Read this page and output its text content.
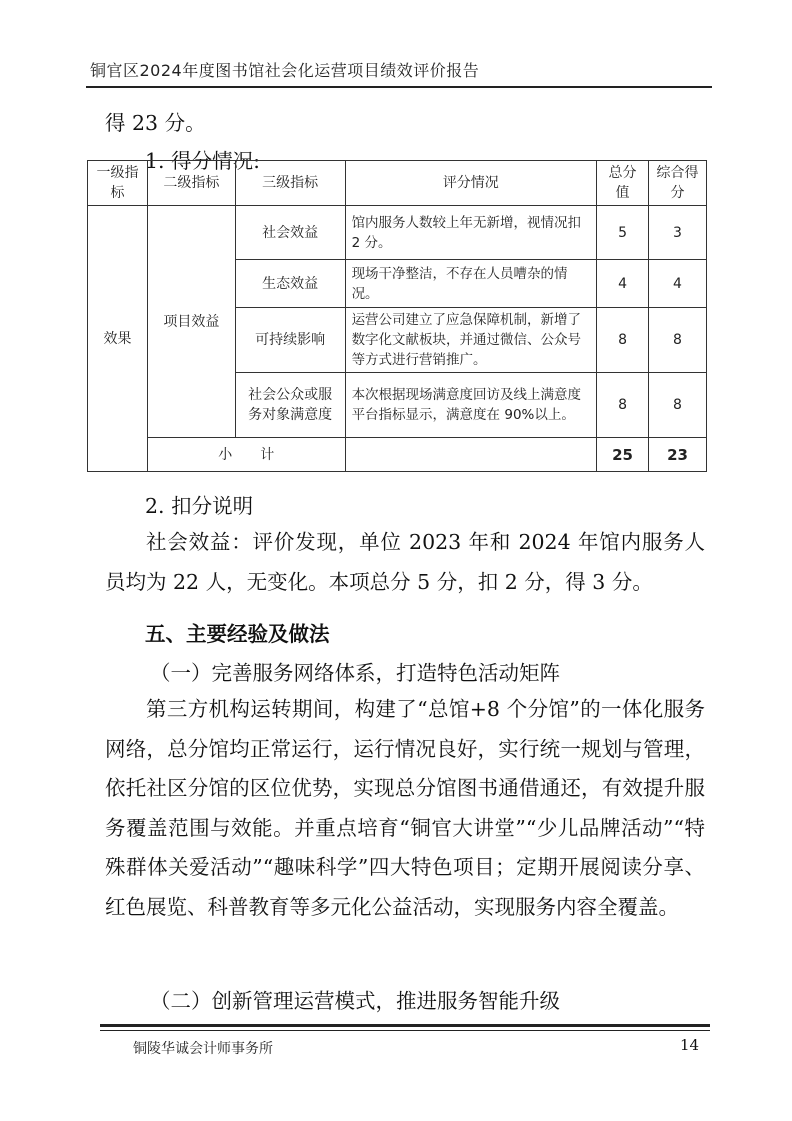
铜官区2024年度图书馆社会化运营项目绩效评价报告
得 23 分。
1. 得分情况:
一级指标	二级指标	三级指标	评分情况	总分值	综合得分
效果	项目效益	社会效益	馆内服务人数较上年无新增，视情况扣 2 分。	5	3
		生态效益	现场干净整洁，不存在人员嘈杂的情况。	4	4
		可持续影响	运营公司建立了应急保障机制，新增了数字化文献板块，并通过微信、公众号等方式进行营销推广。	8	8
		社会公众或服务对象满意度	本次根据现场满意度回访及线上满意度平台指标显示，满意度在 90%以上。	8	8
	小　　计			25	23
2. 扣分说明
社会效益：评价发现，单位 2023 年和 2024 年馆内服务人员均为 22 人，无变化。本项总分 5 分，扣 2 分，得 3 分。
五、主要经验及做法
（一）完善服务网络体系，打造特色活动矩阵
第三方机构运转期间，构建了“总馆+8 个分馆”的一体化服务网络，总分馆均正常运行，运行情况良好，实行统一规划与管理，依托社区分馆的区位优势，实现总分馆图书通借通还，有效提升服务覆盖范围与效能。并重点培育“铜官大讲堂”“少儿品牌活动”“特殊群体关爱活动”“趣味科学”四大特色项目；定期开展阅读分享、红色展览、科普教育等多元化公益活动，实现服务内容全覆盖。
（二）创新管理运营模式，推进服务智能升级
铜陵华诚会计师事务所	14
